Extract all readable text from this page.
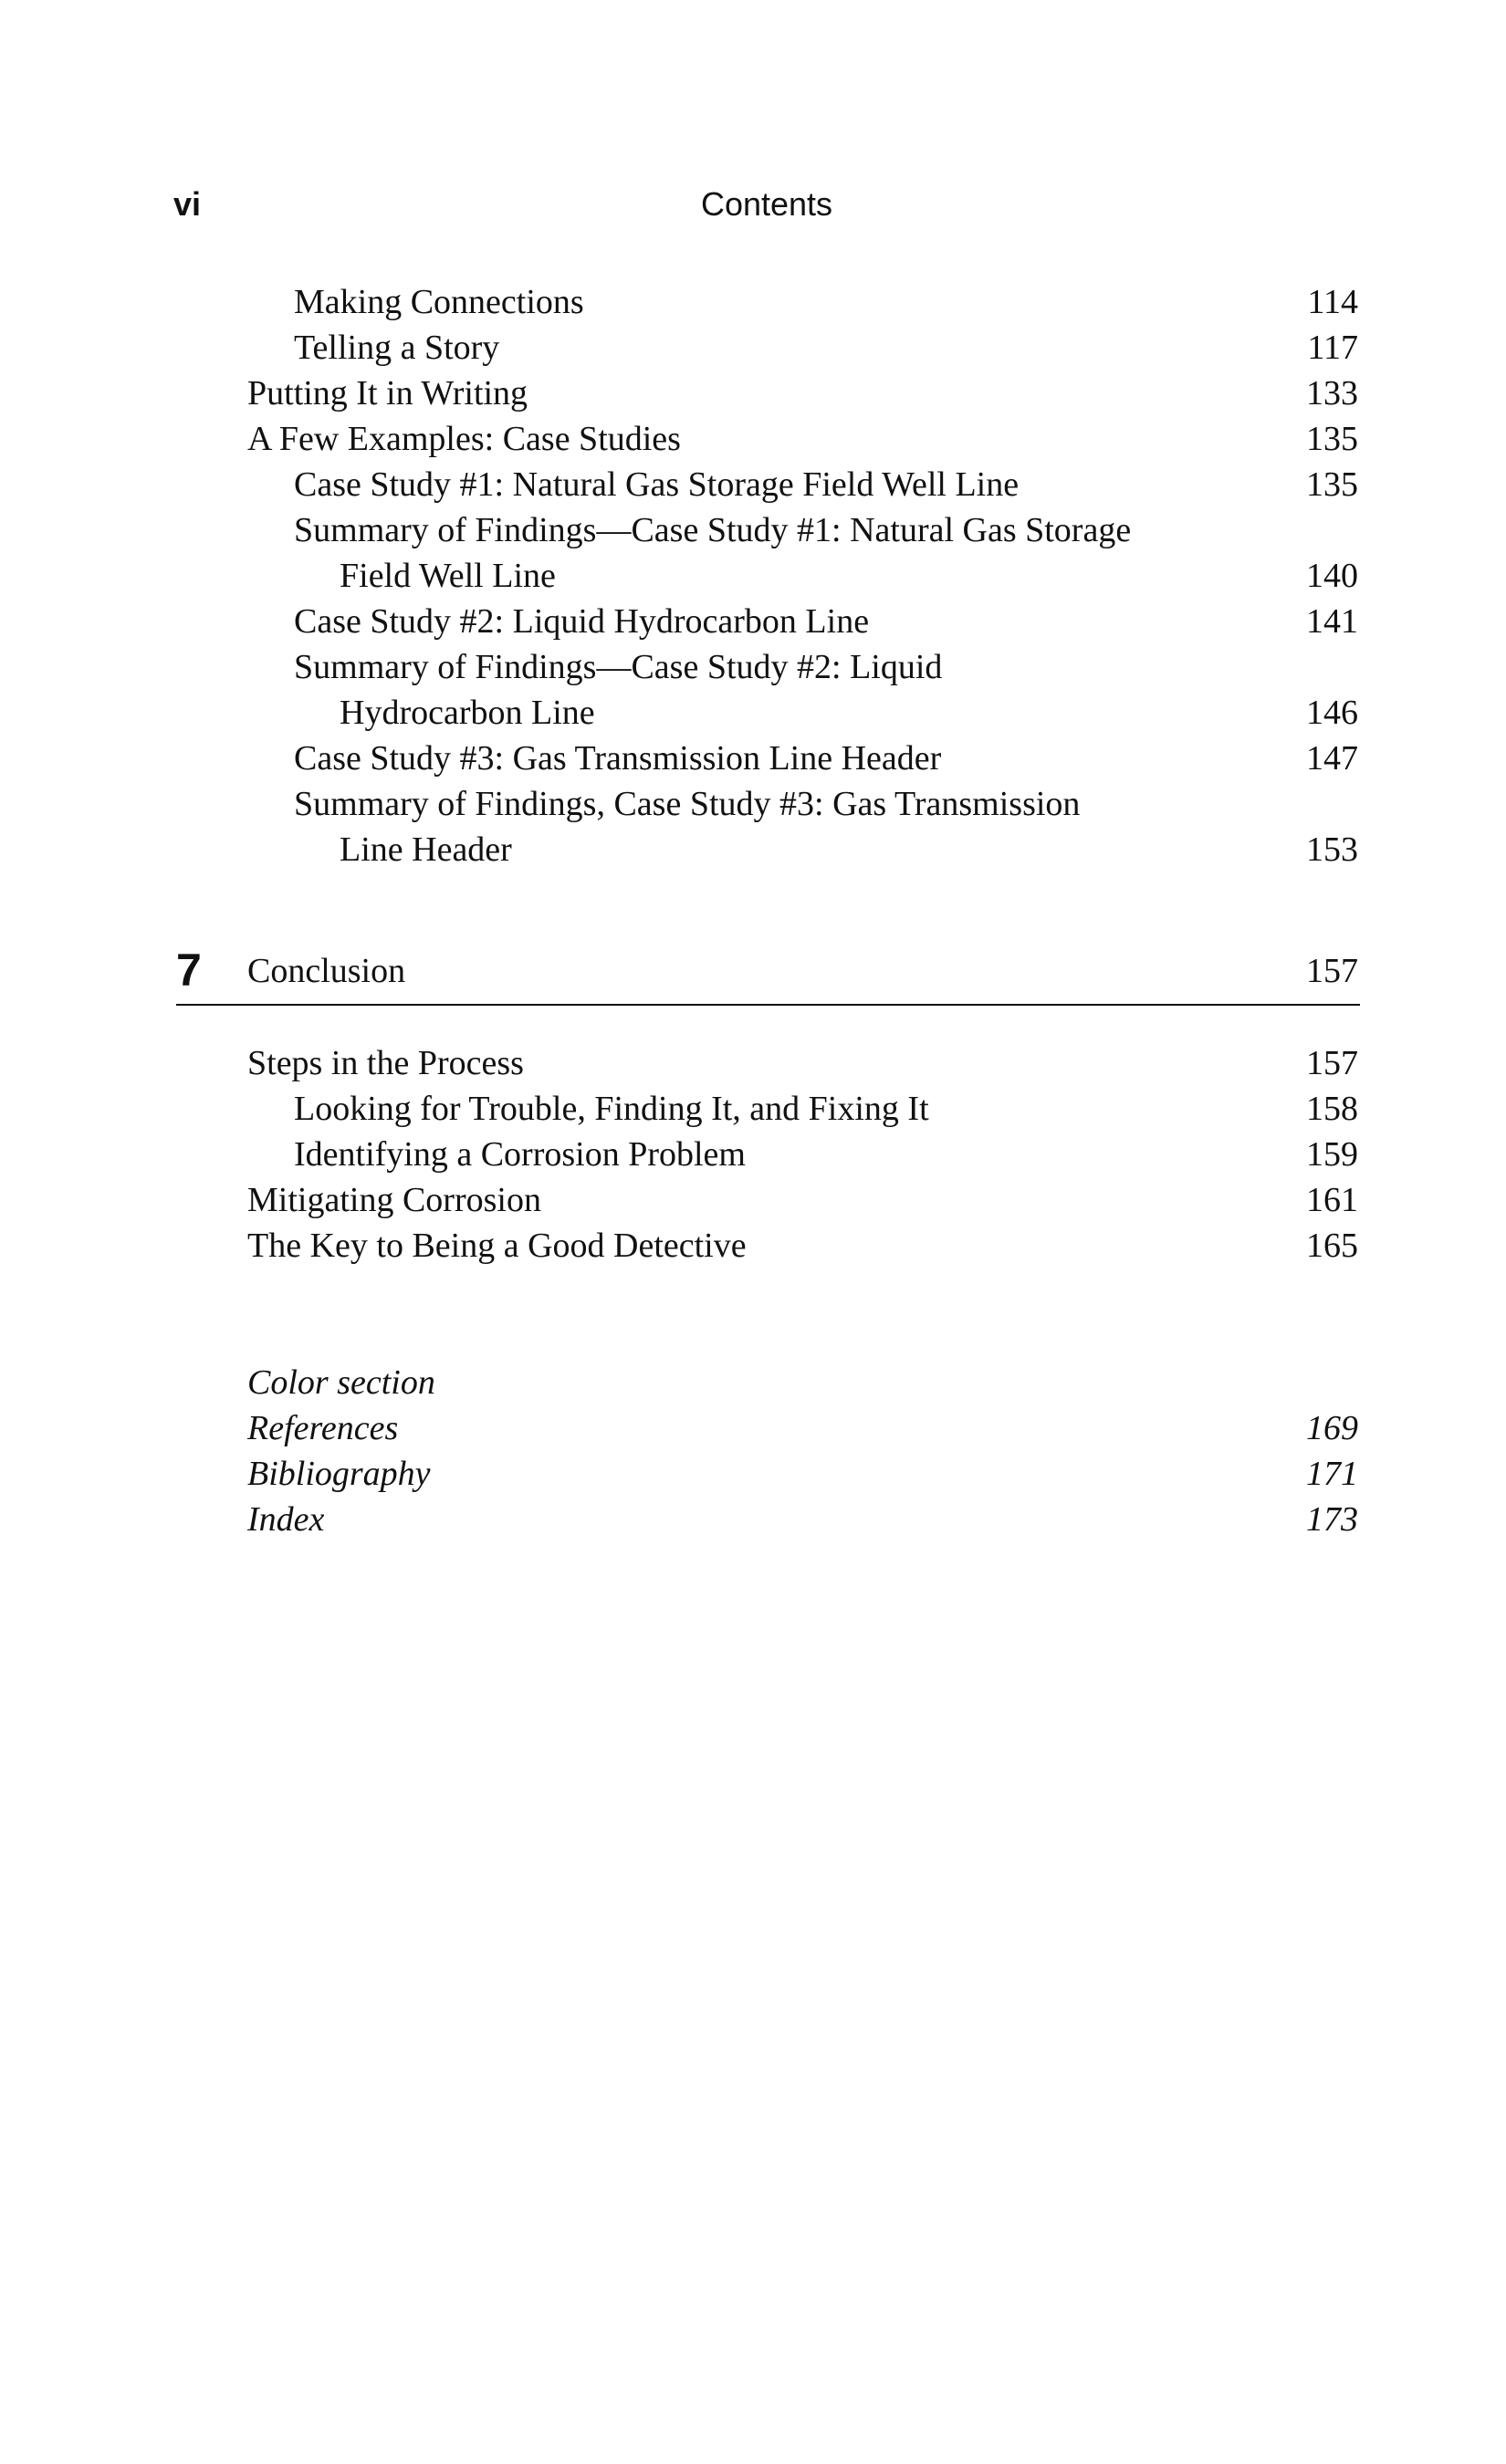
vi	Contents
Making Connections	114
Telling a Story	117
Putting It in Writing	133
A Few Examples: Case Studies	135
Case Study #1: Natural Gas Storage Field Well Line	135
Summary of Findings—Case Study #1: Natural Gas Storage
Field Well Line	140
Case Study #2: Liquid Hydrocarbon Line	141
Summary of Findings—Case Study #2: Liquid
Hydrocarbon Line	146
Case Study #3: Gas Transmission Line Header	147
Summary of Findings, Case Study #3: Gas Transmission
Line Header	153
7 Conclusion	157
Steps in the Process	157
Looking for Trouble, Finding It, and Fixing It	158
Identifying a Corrosion Problem	159
Mitigating Corrosion	161
The Key to Being a Good Detective	165
Color section
References	169
Bibliography	171
Index	173
